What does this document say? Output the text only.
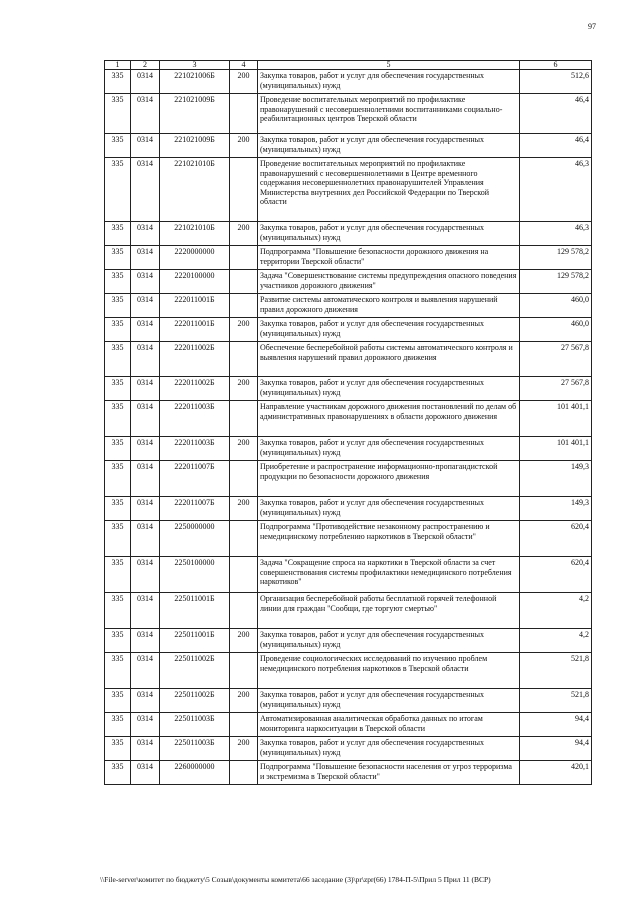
97
1	2	3	4	5	6
335	0314	221021006Б	200	Закупка товаров, работ и услуг для обеспечения государственных (муниципальных) нужд	512,6
335	0314	221021009Б		Проведение воспитательных мероприятий по профилактике правонарушений с несовершеннолетними воспитанниками социально-реабилитационных центров Тверской области	46,4
335	0314	221021009Б	200	Закупка товаров, работ и услуг для обеспечения государственных (муниципальных) нужд	46,4
335	0314	221021010Б		Проведение воспитательных мероприятий по профилактике правонарушений с несовершеннолетними в Центре временного содержания несовершеннолетних правонарушителей Управления Министерства внутренних дел Российской Федерации по Тверской области	46,3
335	0314	221021010Б	200	Закупка товаров, работ и услуг для обеспечения государственных (муниципальных) нужд	46,3
335	0314	2220000000		Подпрограмма "Повышение безопасности дорожного движения на территории Тверской области"	129 578,2
335	0314	2220100000		Задача "Совершенствование системы предупреждения опасного поведения участников дорожного движения"	129 578,2
335	0314	222011001Б		Развитие системы автоматического контроля и выявления нарушений правил дорожного движения	460,0
335	0314	222011001Б	200	Закупка товаров, работ и услуг для обеспечения государственных (муниципальных) нужд	460,0
335	0314	222011002Б		Обеспечение бесперебойной работы системы автоматического контроля и выявления нарушений правил дорожного движения	27 567,8
335	0314	222011002Б	200	Закупка товаров, работ и услуг для обеспечения государственных (муниципальных) нужд	27 567,8
335	0314	222011003Б		Направление участникам дорожного движения постановлений по делам об административных правонарушениях в области дорожного движения	101 401,1
335	0314	222011003Б	200	Закупка товаров, работ и услуг для обеспечения государственных (муниципальных) нужд	101 401,1
335	0314	222011007Б		Приобретение и распространение информационно-пропагандистской продукции по безопасности дорожного движения	149,3
335	0314	222011007Б	200	Закупка товаров, работ и услуг для обеспечения государственных (муниципальных) нужд	149,3
335	0314	2250000000		Подпрограмма "Противодействие незаконному распространению и немедицинскому потреблению наркотиков в Тверской области"	620,4
335	0314	2250100000		Задача "Сокращение спроса на наркотики в Тверской области за счет совершенствования системы профилактики немедицинского потребления наркотиков"	620,4
335	0314	225011001Б		Организация бесперебойной работы бесплатной горячей телефонной линии для граждан "Сообщи, где торгуют смертью"	4,2
335	0314	225011001Б	200	Закупка товаров, работ и услуг для обеспечения государственных (муниципальных) нужд	4,2
335	0314	225011002Б		Проведение социологических исследований по изучению проблем немедицинского потребления наркотиков в Тверской области	521,8
335	0314	225011002Б	200	Закупка товаров, работ и услуг для обеспечения государственных (муниципальных) нужд	521,8
335	0314	225011003Б		Автоматизированная аналитическая обработка данных по итогам мониторинга наркоситуации в Тверской области	94,4
335	0314	225011003Б	200	Закупка товаров, работ и услуг для обеспечения государственных (муниципальных) нужд	94,4
335	0314	2260000000		Подпрограмма "Повышение безопасности населения от угроз терроризма и экстремизма в Тверской области"	420,1
\\File-server\комитет по бюджету\5 Созыв\документы комитета\66 заседание (3)\pr\zpr(66) 1784-П-5\Прил 5 Прил 11 (ВСР)
